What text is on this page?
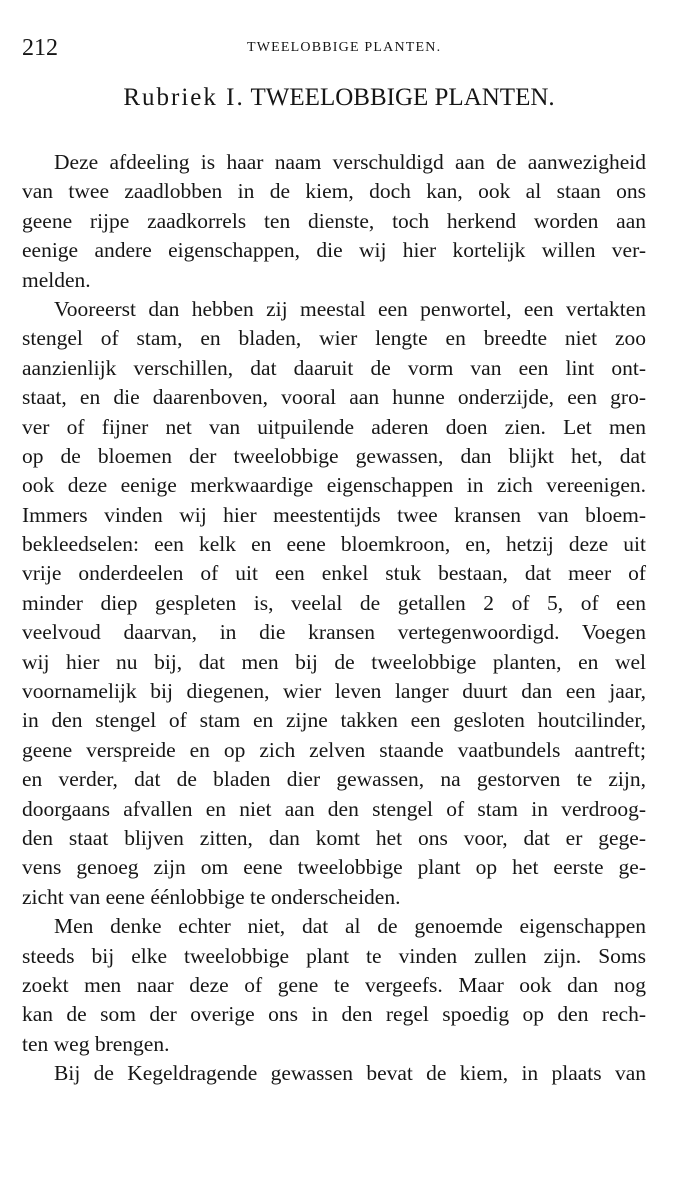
212	TWEELOBBIGE PLANTEN.
Rubriek I. TWEELOBBIGE PLANTEN.
Deze afdeeling is haar naam verschuldigd aan de aanwezigheid
van twee zaadlobben in de kiem, doch kan, ook al staan ons
geene rijpe zaadkorrels ten dienste, toch herkend worden aan
eenige andere eigenschappen, die wij hier kortelijk willen ver-
melden.
Vooreerst dan hebben zij meestal een penwortel, een vertakten
stengel of stam, en bladen, wier lengte en breedte niet zoo
aanzienlijk verschillen, dat daaruit de vorm van een lint ont-
staat, en die daarenboven, vooral aan hunne onderzijde, een gro-
ver of fijner net van uitpuilende aderen doen zien. Let men
op de bloemen der tweelobbige gewassen, dan blijkt het, dat
ook deze eenige merkwaardige eigenschappen in zich vereenigen.
Immers vinden wij hier meestentijds twee kransen van bloem-
bekleedselen: een kelk en eene bloemkroon, en, hetzij deze uit
vrije onderdeelen of uit een enkel stuk bestaan, dat meer of
minder diep gespleten is, veelal de getallen 2 of 5, of een
veelvoud daarvan, in die kransen vertegenwoordigd. Voegen
wij hier nu bij, dat men bij de tweelobbige planten, en wel
voornamelijk bij diegenen, wier leven langer duurt dan een jaar,
in den stengel of stam en zijne takken een gesloten houtcilinder,
geene verspreide en op zich zelven staande vaatbundels aantreft;
en verder, dat de bladen dier gewassen, na gestorven te zijn,
doorgaans afvallen en niet aan den stengel of stam in verdroog-
den staat blijven zitten, dan komt het ons voor, dat er gege-
vens genoeg zijn om eene tweelobbige plant op het eerste ge-
zicht van eene éénlobbige te onderscheiden.
Men denke echter niet, dat al de genoemde eigenschappen
steeds bij elke tweelobbige plant te vinden zullen zijn. Soms
zoekt men naar deze of gene te vergeefs. Maar ook dan nog
kan de som der overige ons in den regel spoedig op den rech-
ten weg brengen.
Bij de Kegeldragende gewassen bevat de kiem, in plaats van
